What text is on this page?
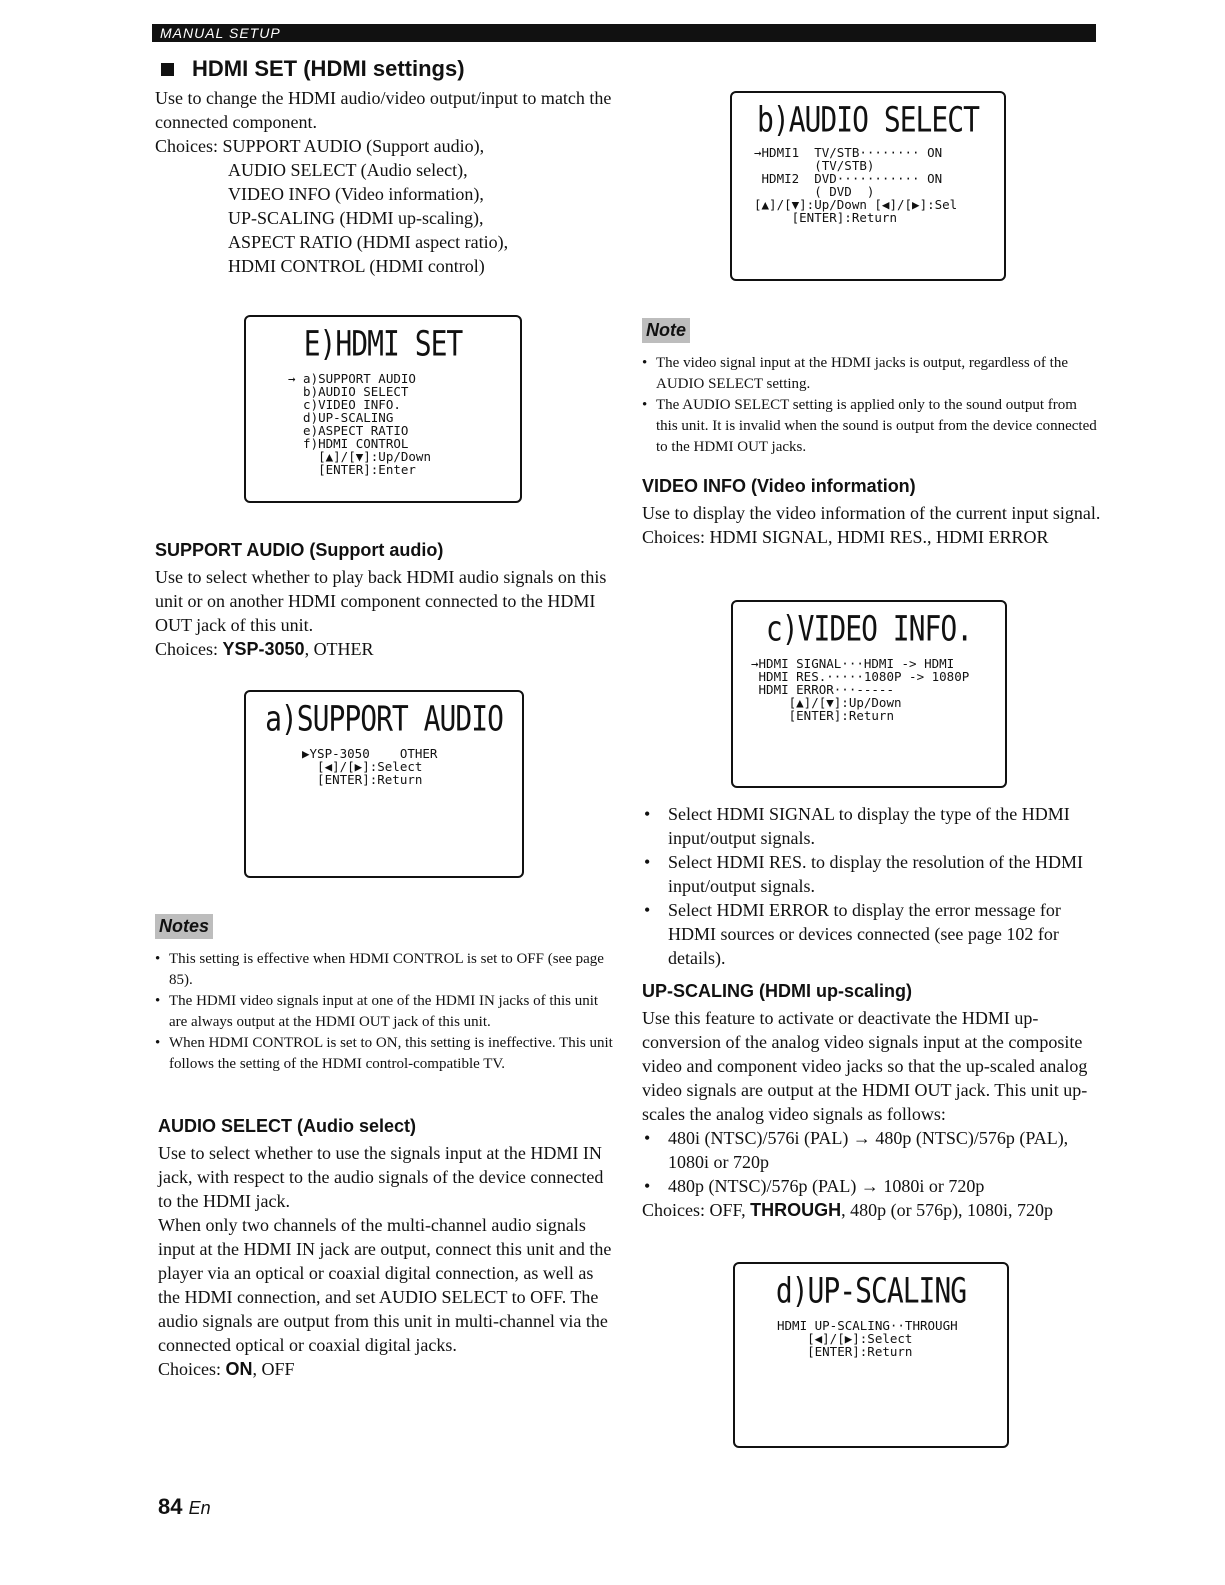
MANUAL SETUP
HDMI SET (HDMI settings)

Use to change the HDMI audio/video output/input to match the connected component.

Choices: SUPPORT AUDIO (Support audio),
AUDIO SELECT (Audio select),
VIDEO INFO (Video information),
UP-SCALING (HDMI up-scaling),
ASPECT RATIO (HDMI aspect ratio),
HDMI CONTROL (HDMI control)
E)HDMI SET
→ a)SUPPORT AUDIO
b)AUDIO SELECT
c)VIDEO INFO.
d)UP-SCALING
e)ASPECT RATIO
f)HDMI CONTROL
[▲]/[▼]:Up/Down
[ENTER]:Enter
SUPPORT AUDIO (Support audio)

Use to select whether to play back HDMI audio signals on this unit or on another HDMI component connected to the HDMI OUT jack of this unit.

Choices: YSP-3050, OTHER

a)SUPPORT AUDIO
▶YSP-3050    OTHER
[◀]/[▶]:Select
[ENTER]:Return
Notes
• This setting is effective when HDMI CONTROL is set to OFF (see page 85).
• The HDMI video signals input at one of the HDMI IN jacks of this unit are always output at the HDMI OUT jack of this unit.
• When HDMI CONTROL is set to ON, this setting is ineffective. This unit follows the setting of the HDMI control-compatible TV.
AUDIO SELECT (Audio select)

Use to select whether to use the signals input at the HDMI IN jack, with respect to the audio signals of the device connected to the HDMI jack.

When only two channels of the multi-channel audio signals input at the HDMI IN jack are output, connect this unit and the player via an optical or coaxial digital connection, as well as the HDMI connection, and set AUDIO SELECT to OFF. The audio signals are output from this unit in multi-channel via the connected optical or coaxial digital jacks.

Choices: ON, OFF

b)AUDIO SELECT
→HDMI1  TV/STB········ ON
(TV/STB)
HDMI2  DVD··········· ON
( DVD  )
[▲]/[▼]:Up/Down [◀]/[▶]:Sel
[ENTER]:Return
Note
• The video signal input at the HDMI jacks is output, regardless of the AUDIO SELECT setting.
• The AUDIO SELECT setting is applied only to the sound output from this unit. It is invalid when the sound is output from the device connected to the HDMI OUT jacks.
VIDEO INFO (Video information)

Use to display the video information of the current input signal.

Choices: HDMI SIGNAL, HDMI RES., HDMI ERROR

c)VIDEO INFO.
→HDMI SIGNAL···HDMI -> HDMI
HDMI RES.·····1080P -> 1080P
HDMI ERROR···-----
[▲]/[▼]:Up/Down
[ENTER]:Return
• Select HDMI SIGNAL to display the type of the HDMI input/output signals.
• Select HDMI RES. to display the resolution of the HDMI input/output signals.
• Select HDMI ERROR to display the error message for HDMI sources or devices connected (see page 102 for details).
UP-SCALING (HDMI up-scaling)

Use this feature to activate or deactivate the HDMI up-conversion of the analog video signals input at the composite video and component video jacks so that the up-scaled analog video signals are output at the HDMI OUT jack. This unit up-scales the analog video signals as follows:

• 480i (NTSC)/576i (PAL) → 480p (NTSC)/576p (PAL), 1080i or 720p
• 480p (NTSC)/576p (PAL) → 1080i or 720p

Choices: OFF, THROUGH, 480p (or 576p), 1080i, 720p

d)UP-SCALING
HDMI UP-SCALING··THROUGH
[◀]/[▶]:Select
[ENTER]:Return
84 En
